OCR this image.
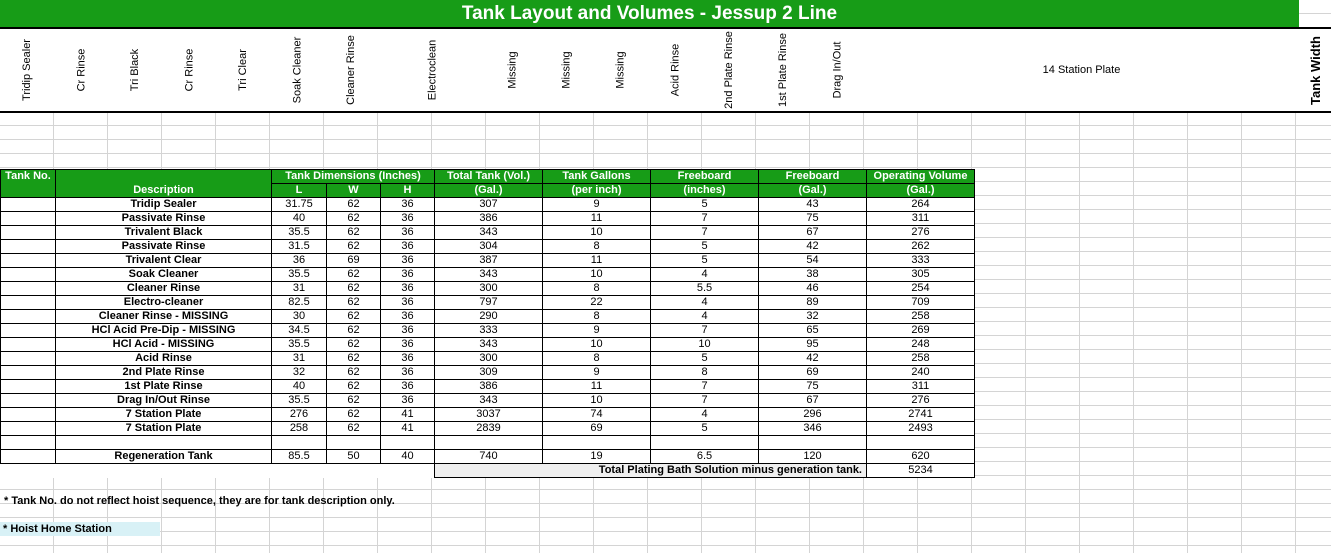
Tank Layout and Volumes - Jessup 2 Line
Tridip Sealer	Cr Rinse	Tri Black	Cr Rinse	Tri Clear	Soak Cleaner	Cleaner Rinse	Electroclean	Missing	Missing	Missing	Acid Rinse	2nd Plate Rinse	1st Plate Rinse	Drag In/Out	14 Station Plate	Tank Width
Tank No.	Description	Tank Dimensions (Inches)			Total Tank (Vol.)	Tank Gallons	Freeboard	Freeboard	Operating Volume
		L	W	H	(Gal.)	(per inch)	(inches)	(Gal.)	(Gal.)
	Tridip Sealer	31.75	62	36	307	9	5	43	264
	Passivate Rinse	40	62	36	386	11	7	75	311
	Trivalent Black	35.5	62	36	343	10	7	67	276
	Passivate Rinse	31.5	62	36	304	8	5	42	262
	Trivalent Clear	36	69	36	387	11	5	54	333
	Soak Cleaner	35.5	62	36	343	10	4	38	305
	Cleaner Rinse	31	62	36	300	8	5.5	46	254
	Electro-cleaner	82.5	62	36	797	22	4	89	709
	Cleaner Rinse - MISSING	30	62	36	290	8	4	32	258
	HCl Acid Pre-Dip - MISSING	34.5	62	36	333	9	7	65	269
	HCl Acid - MISSING	35.5	62	36	343	10	10	95	248
	Acid Rinse	31	62	36	300	8	5	42	258
	2nd Plate Rinse	32	62	36	309	9	8	69	240
	1st Plate Rinse	40	62	36	386	11	7	75	311
	Drag In/Out Rinse	35.5	62	36	343	10	7	67	276
	7 Station Plate	276	62	41	3037	74	4	296	2741
	7 Station Plate	258	62	41	2839	69	5	346	2493

	Regeneration Tank	85.5	50	40	740	19	6.5	120	620
					Total Plating Bath Solution minus generation tank.				5234
* Tank No. do not reflect hoist sequence, they are for tank description only.
* Hoist Home Station
